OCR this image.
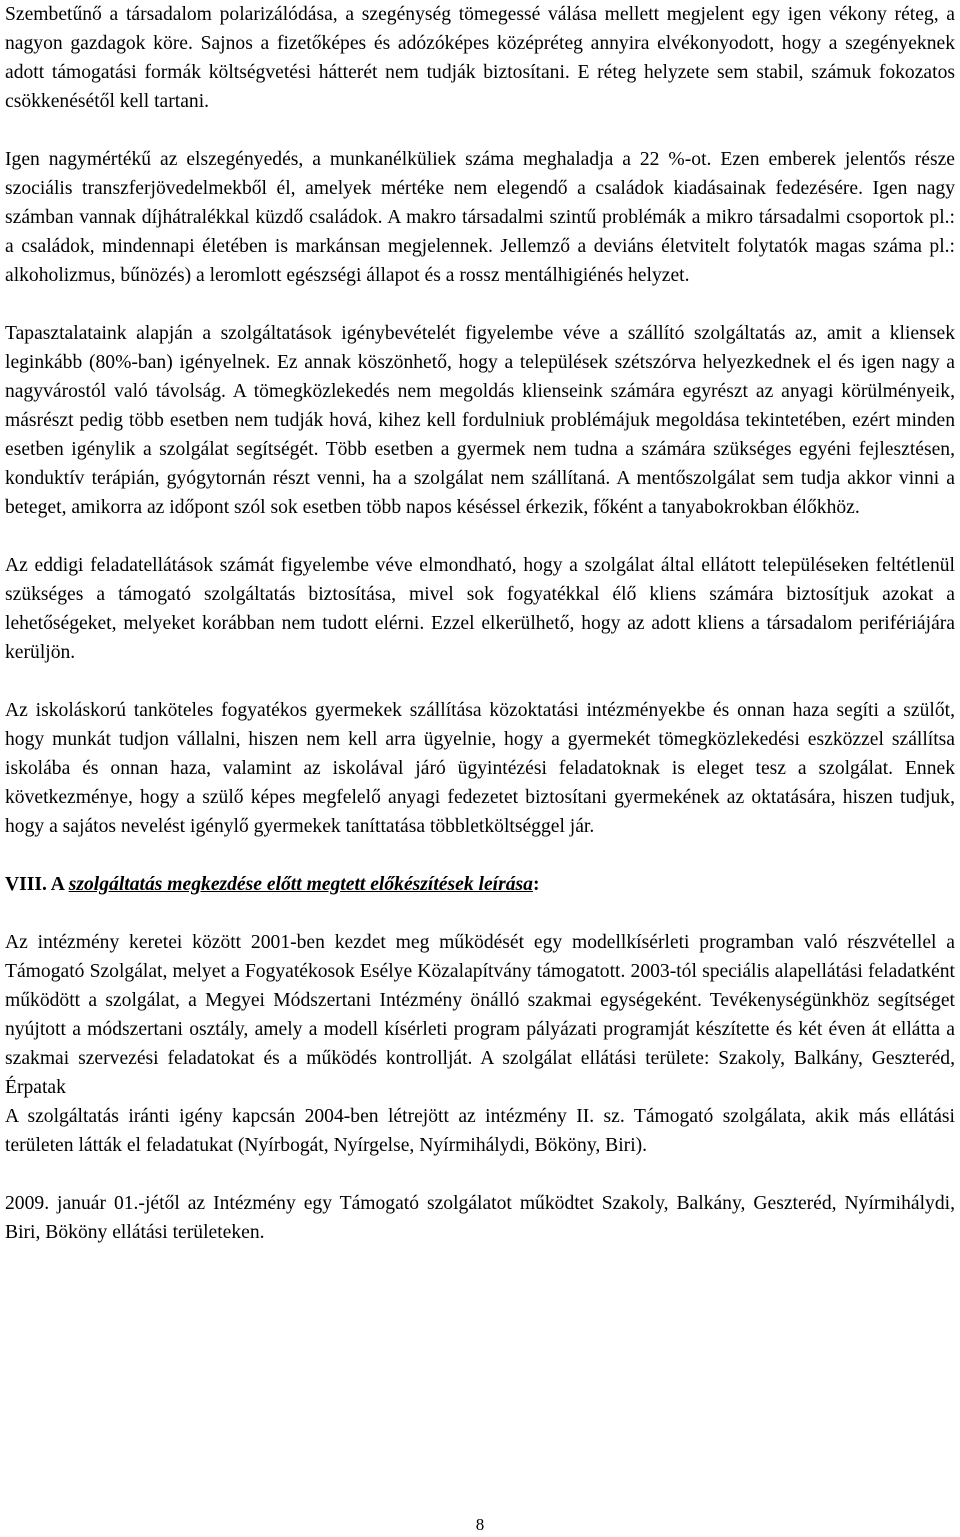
Szembetűnő a társadalom polarizálódása, a szegénység tömegessé válása mellett megjelent egy igen vékony réteg, a nagyon gazdagok köre. Sajnos a fizetőképes és adózóképes középréteg annyira elvékonyodott, hogy a szegényeknek adott támogatási formák költségvetési hátterét nem tudják biztosítani. E réteg helyzete sem stabil, számuk fokozatos csökkenésétől kell tartani.

Igen nagymértékű az elszegényedés, a munkanélküliek száma meghaladja a 22 %-ot. Ezen emberek jelentős része szociális transzferjövedelmekből él, amelyek mértéke nem elegendő a családok kiadásainak fedezésére. Igen nagy számban vannak díjhátralékkal küzdő családok. A makro társadalmi szintű problémák a mikro társadalmi csoportok pl.: a családok, mindennapi életében is markánsan megjelennek. Jellemző a deviáns életvitelt folytatók magas száma pl.: alkoholizmus, bűnözés) a leromlott egészségi állapot és a rossz mentálhigiénés helyzet.

Tapasztalataink alapján a szolgáltatások igénybevételét figyelembe véve a szállító szolgáltatás az, amit a kliensek leginkább (80%-ban) igényelnek. Ez annak köszönhető, hogy a települések szétszórva helyezkednek el és igen nagy a nagyvárostól való távolság. A tömegközlekedés nem megoldás klienseink számára egyrészt az anyagi körülményeik, másrészt pedig több esetben nem tudják hová, kihez kell fordulniuk problémájuk megoldása tekintetében, ezért minden esetben igénylik a szolgálat segítségét. Több esetben a gyermek nem tudna a számára szükséges egyéni fejlesztésen, konduktív terápián, gyógytornán részt venni, ha a szolgálat nem szállítaná. A mentőszolgálat sem tudja akkor vinni a beteget, amikorra az időpont szól sok esetben több napos késéssel érkezik, főként a tanyabokrokban élőkhöz.

Az eddigi feladatellátások számát figyelembe véve elmondható, hogy a szolgálat által ellátott településeken feltétlenül szükséges a támogató szolgáltatás biztosítása, mivel sok fogyatékkal élő kliens számára biztosítjuk azokat a lehetőségeket, melyeket korábban nem tudott elérni. Ezzel elkerülhető, hogy az adott kliens a társadalom perifériájára kerüljön.

Az iskoláskorú tanköteles fogyatékos gyermekek szállítása közoktatási intézményekbe és onnan haza segíti a szülőt, hogy munkát tudjon vállalni, hiszen nem kell arra ügyelnie, hogy a gyermekét tömegközlekedési eszközzel szállítsa iskolába és onnan haza, valamint az iskolával járó ügyintézési feladatoknak is eleget tesz a szolgálat. Ennek következménye, hogy a szülő képes megfelelő anyagi fedezetet biztosítani gyermekének az oktatására, hiszen tudjuk, hogy a sajátos nevelést igénylő gyermekek taníttatása többletköltséggel jár.

VIII. A szolgáltatás megkezdése előtt megtett előkészítések leírása:

Az intézmény keretei között 2001-ben kezdet meg működését egy modellkísérleti programban való részvétellel a Támogató Szolgálat, melyet a Fogyatékosok Esélye Közalapítvány támogatott. 2003-tól speciális alapellátási feladatként működött a szolgálat, a Megyei Módszertani Intézmény önálló szakmai egységeként. Tevékenységünkhöz segítséget nyújtott a módszertani osztály, amely a modell kísérleti program pályázati programját készítette és két éven át ellátta a szakmai szervezési feladatokat és a működés kontrollját. A szolgálat ellátási területe: Szakoly, Balkány, Geszteréd, Érpatak

A szolgáltatás iránti igény kapcsán 2004-ben létrejött az intézmény II. sz. Támogató szolgálata, akik más ellátási területen látták el feladatukat (Nyírbogát, Nyírgelse, Nyírmihálydi, Bököny, Biri).

2009. január 01.-jétől az Intézmény egy Támogató szolgálatot működtet Szakoly, Balkány, Geszteréd, Nyírmihálydi, Biri, Bököny ellátási területeken.

8
